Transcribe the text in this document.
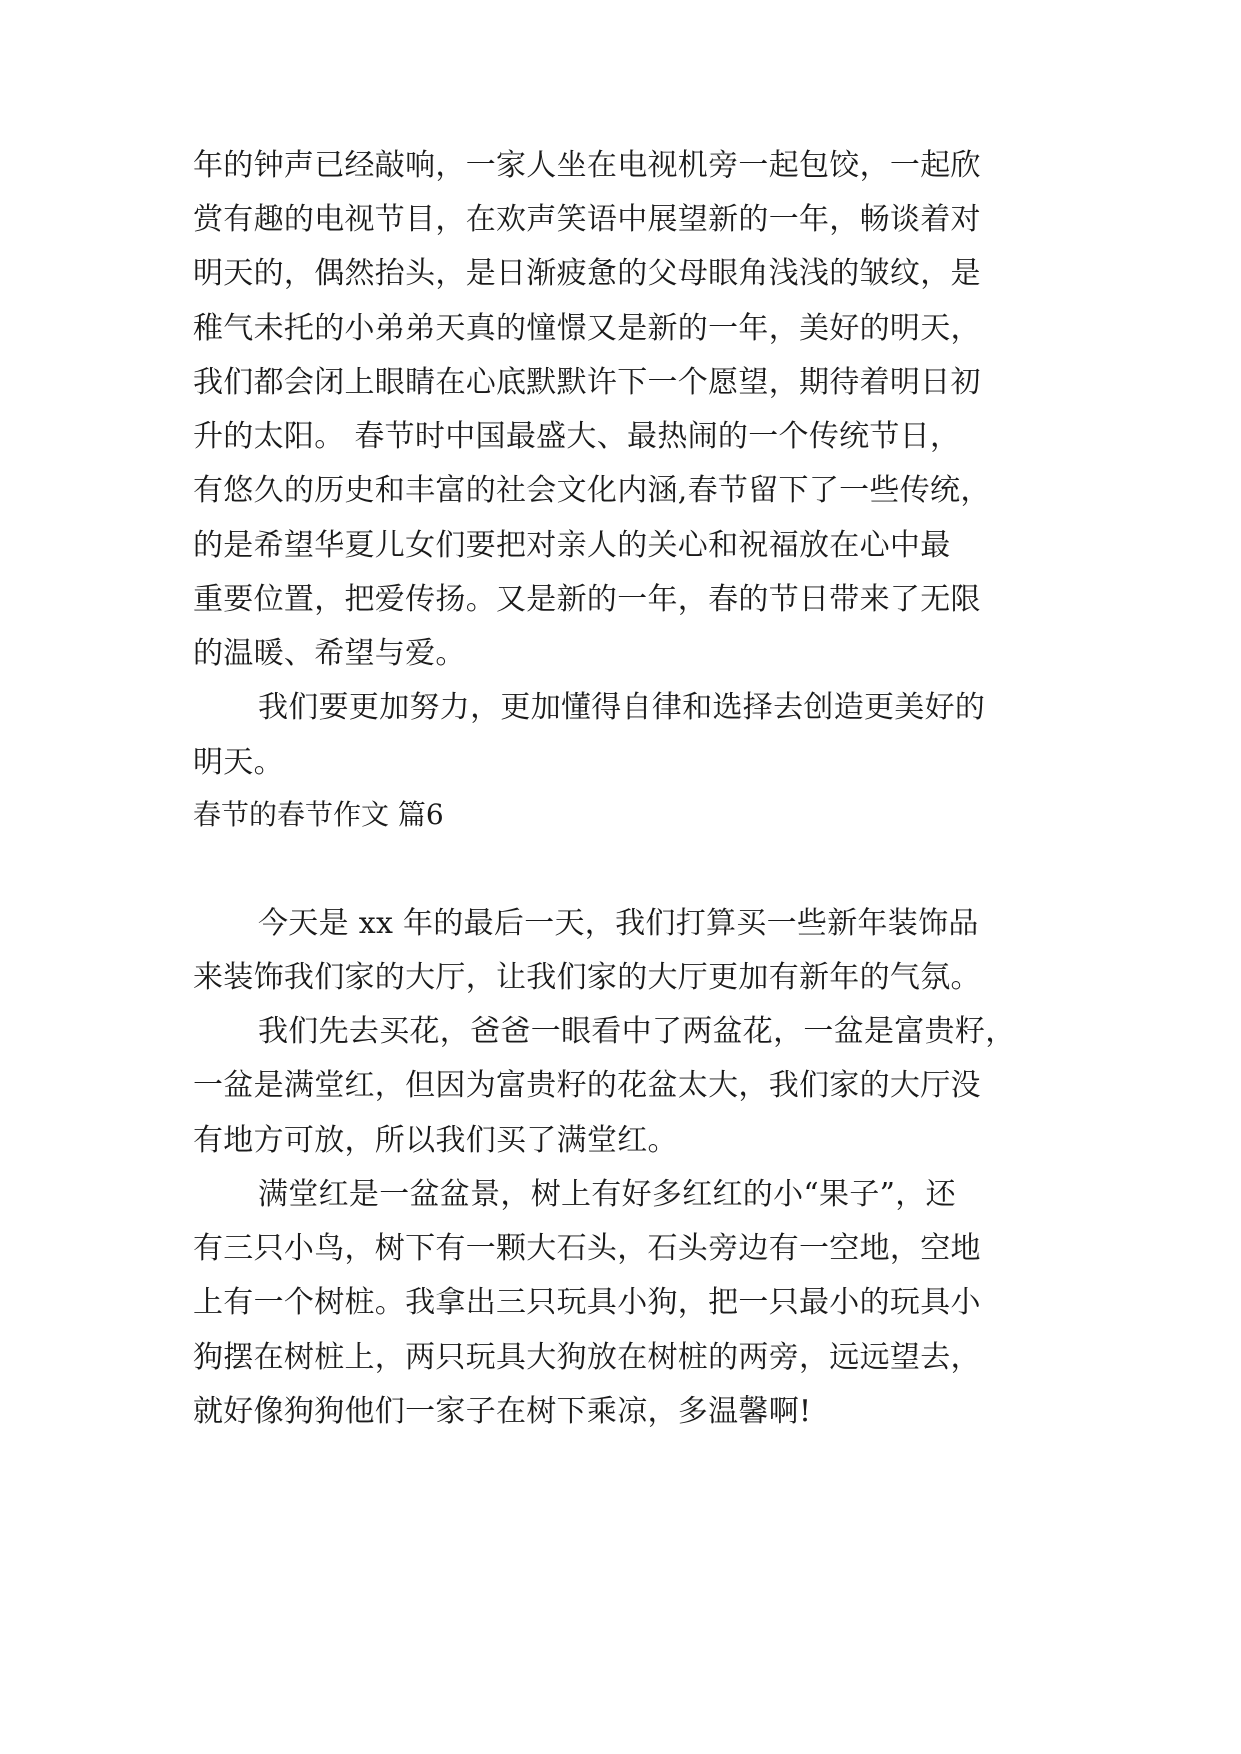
年的钟声已经敲响，一家人坐在电视机旁一起包饺，一起欣
赏有趣的电视节目，在欢声笑语中展望新的一年，畅谈着对
明天的，偶然抬头，是日渐疲惫的父母眼角浅浅的皱纹，是
稚气未托的小弟弟天真的憧憬又是新的一年，美好的明天，
我们都会闭上眼睛在心底默默许下一个愿望，期待着明日初
升的太阳。 春节时中国最盛大、最热闹的一个传统节日，
有悠久的历史和丰富的社会文化内涵,春节留下了一些传统，
的是希望华夏儿女们要把对亲人的关心和祝福放在心中最
重要位置，把爱传扬。又是新的一年，春的节日带来了无限
的温暖、希望与爱。
我们要更加努力，更加懂得自律和选择去创造更美好的
明天。
春节的春节作文 篇6
今天是 xx 年的最后一天，我们打算买一些新年装饰品
来装饰我们家的大厅，让我们家的大厅更加有新年的气氛。
我们先去买花，爸爸一眼看中了两盆花，一盆是富贵籽，
一盆是满堂红，但因为富贵籽的花盆太大，我们家的大厅没
有地方可放，所以我们买了满堂红。
满堂红是一盆盆景，树上有好多红红的小“果子”，还
有三只小鸟，树下有一颗大石头，石头旁边有一空地，空地
上有一个树桩。我拿出三只玩具小狗，把一只最小的玩具小
狗摆在树桩上，两只玩具大狗放在树桩的两旁，远远望去，
就好像狗狗他们一家子在树下乘凉，多温馨啊!
